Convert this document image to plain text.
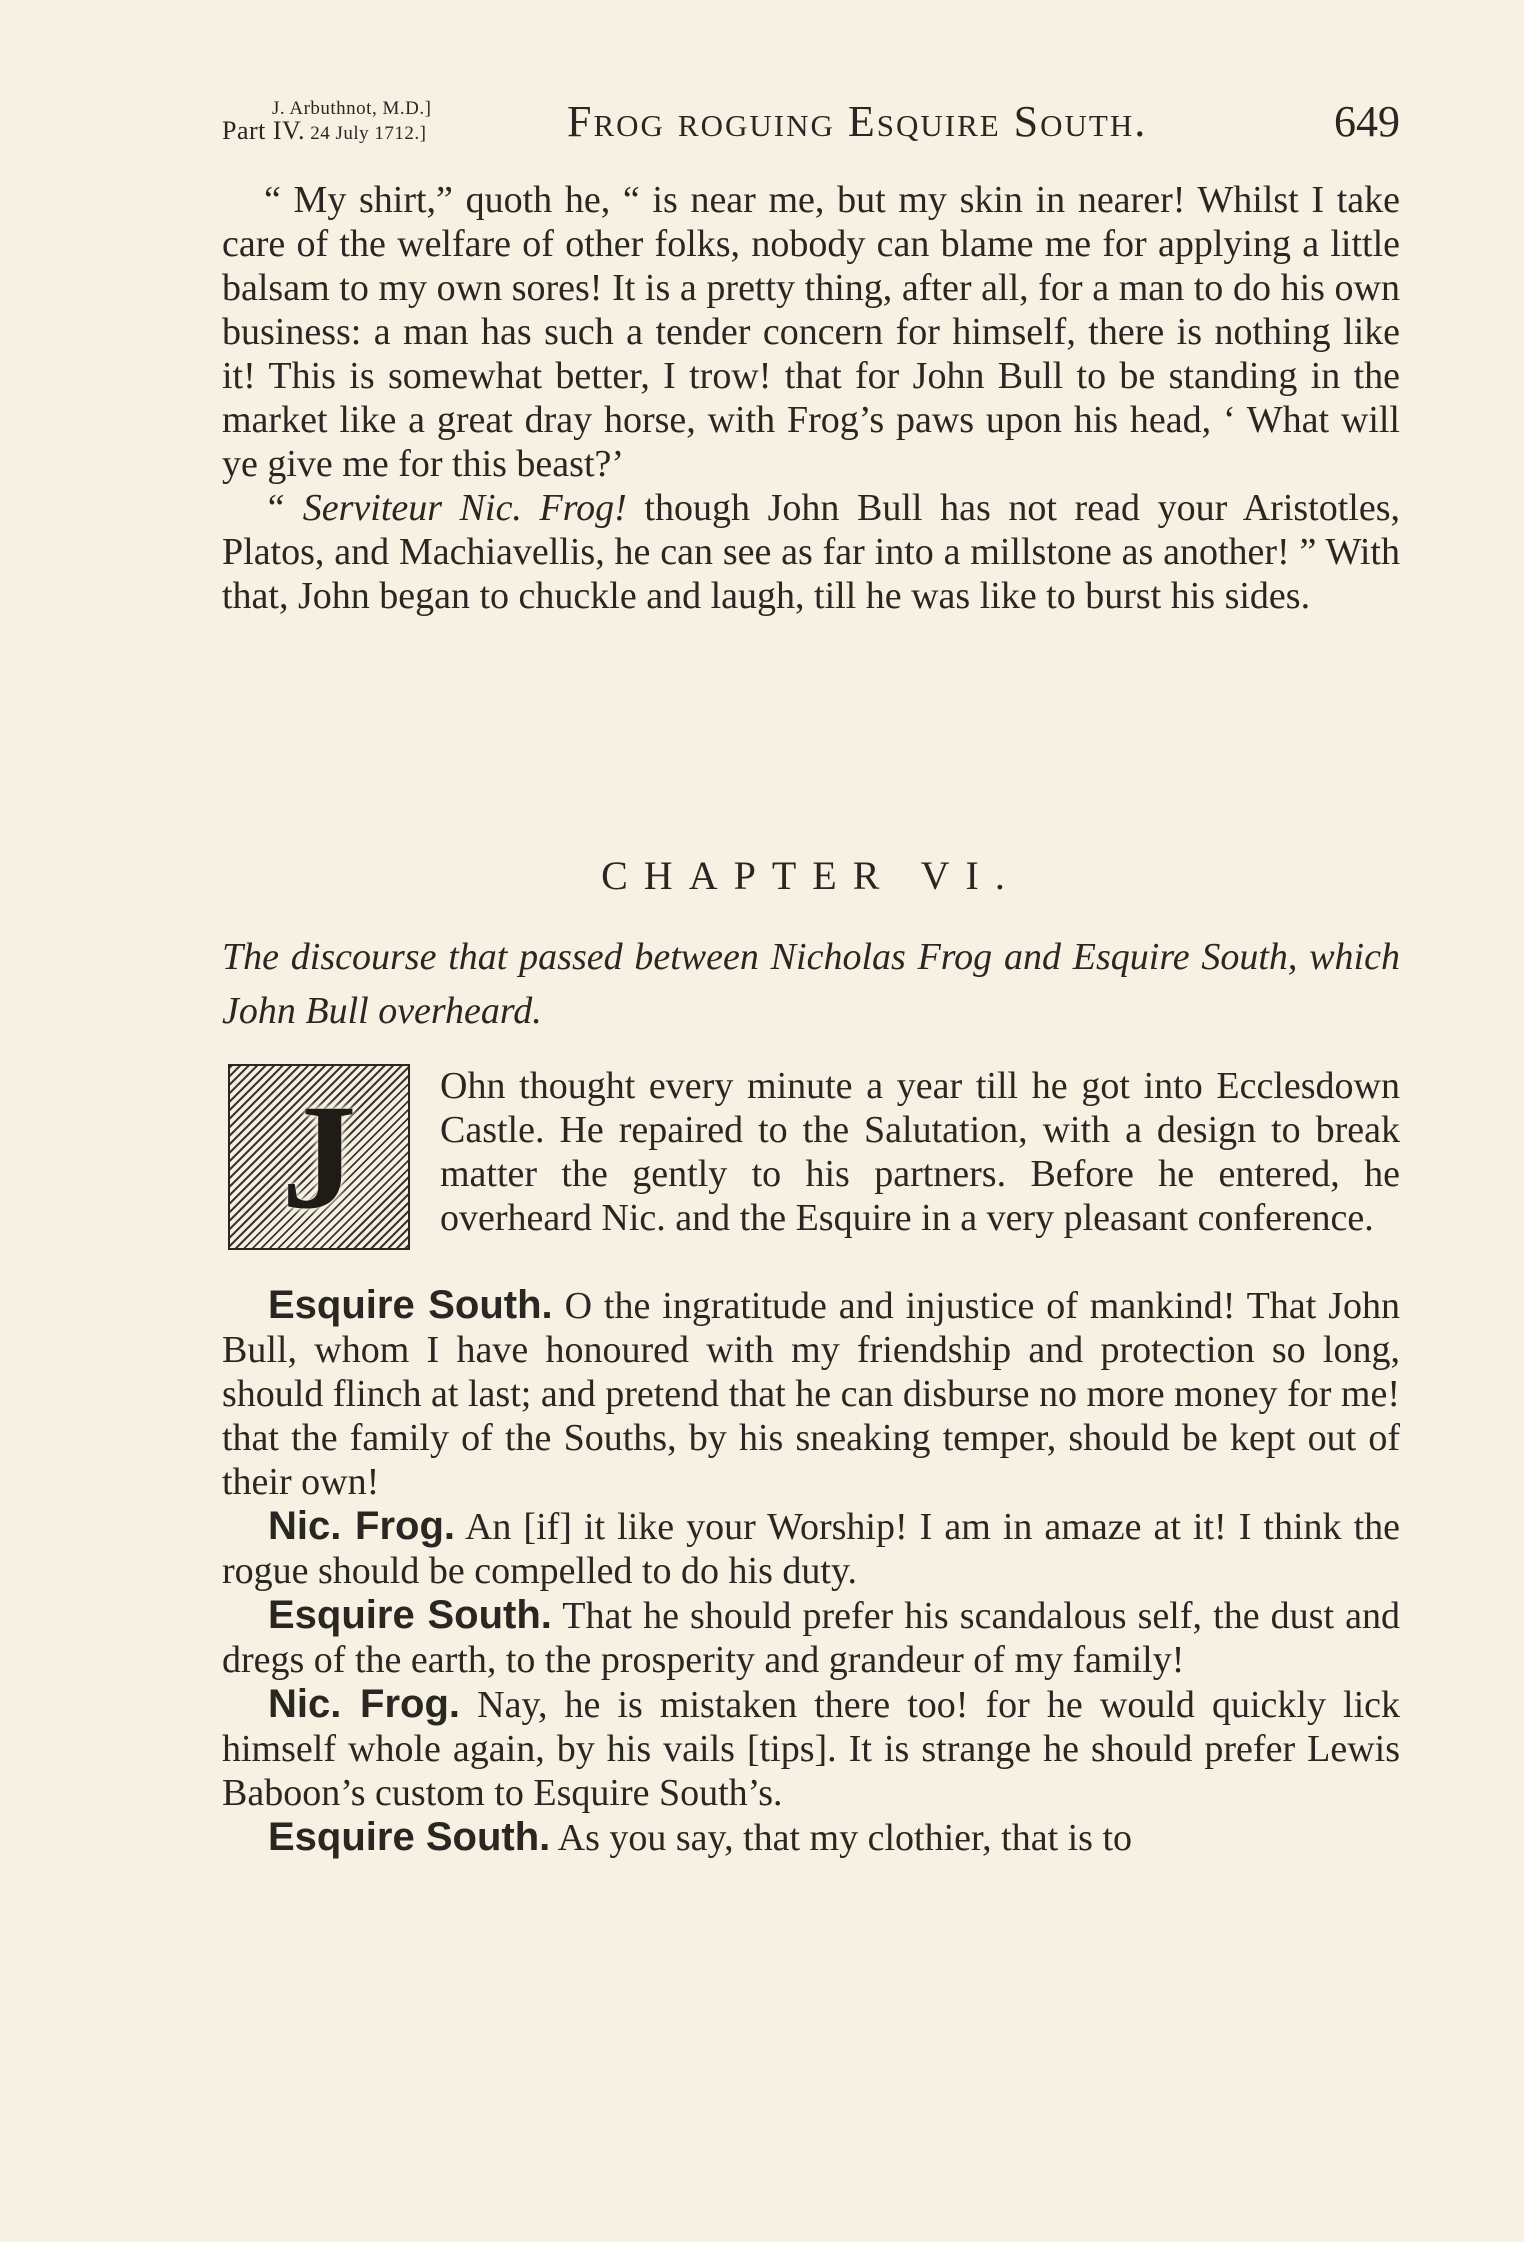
J. Arbuthnot, M.D.]
Part IV. 24 July 1712.]	Frog roguing Esquire South.	649

“ My shirt,” quoth he, “ is near me, but my skin in nearer! Whilst I take care of the welfare of other folks, nobody can blame me for applying a little balsam to my own sores! It is a pretty thing, after all, for a man to do his own business: a man has such a tender concern for himself, there is nothing like it! This is somewhat better, I trow! that for John Bull to be standing in the market like a great dray horse, with Frog’s paws upon his head, ‘ What will ye give me for this beast?’

“ Serviteur Nic. Frog! though John Bull has not read your Aristotles, Platos, and Machiavellis, he can see as far into a millstone as another! ” With that, John began to chuckle and laugh, till he was like to burst his sides.

CHAPTER VI.
The discourse that passed between Nicholas Frog and Esquire South, which John Bull overheard.
J	Ohn thought every minute a year till he got into Ecclesdown Castle. He repaired to the Salutation, with a design to break matter the gently to his partners. Before he entered, he overheard Nic. and the Esquire in a very pleasant conference.

Esquire South. O the ingratitude and injustice of mankind! That John Bull, whom I have honoured with my friendship and protection so long, should flinch at last; and pretend that he can disburse no more money for me! that the family of the Souths, by his sneaking temper, should be kept out of their own!

Nic. Frog. An [if] it like your Worship! I am in amaze at it! I think the rogue should be compelled to do his duty.

Esquire South. That he should prefer his scandalous self, the dust and dregs of the earth, to the prosperity and grandeur of my family!

Nic. Frog. Nay, he is mistaken there too! for he would quickly lick himself whole again, by his vails [tips]. It is strange he should prefer Lewis Baboon’s custom to Esquire South’s.

Esquire South. As you say, that my clothier, that is to
